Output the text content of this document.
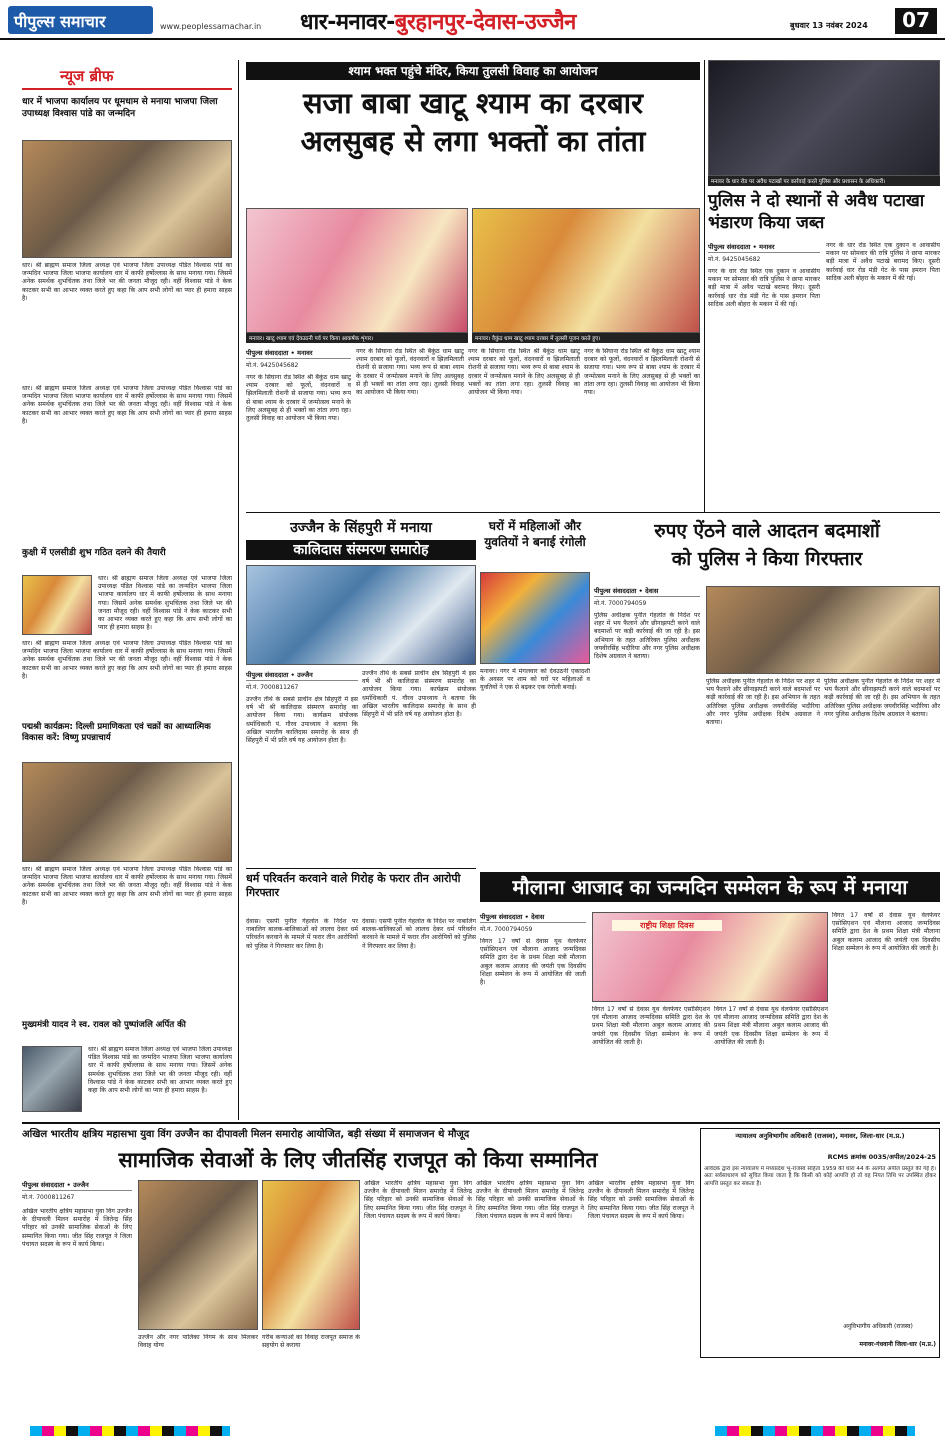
पीपुल्स समाचार	www.peoplessamachar.in धार-मनावर-बुरहानपुर-देवास-उज्जैन	बुधवार 13 नवंबर 2024	07
न्यूज ब्रीफ
धार में भाजपा कार्यालय पर धूमधाम से मनाया भाजपा जिला उपाध्यक्ष विश्वास पांडे का जन्मदिन
धार। श्री ब्राह्मण समाज जिला अध्यक्ष एवं भाजपा जिला उपाध्यक्ष पंडित विश्वास पांडे का जन्मदिन भाजपा जिला भाजपा कार्यालय धार में काफी हर्षोल्लास के साथ मनाया गया। जिसमें अनेक समर्थक शुभचिंतक तथा जिले भर की जनता मौजूद रही। वहीं विश्वास पांडे ने केक काटकर सभी का आभार व्यक्त करते हुए कहा कि आप सभी लोगों का प्यार ही हमारा साहस है।
धार। श्री ब्राह्मण समाज जिला अध्यक्ष एवं भाजपा जिला उपाध्यक्ष पंडित विश्वास पांडे का जन्मदिन भाजपा जिला भाजपा कार्यालय धार में काफी हर्षोल्लास के साथ मनाया गया। जिसमें अनेक समर्थक शुभचिंतक तथा जिले भर की जनता मौजूद रही। वहीं विश्वास पांडे ने केक काटकर सभी का आभार व्यक्त करते हुए कहा कि आप सभी लोगों का प्यार ही हमारा साहस है।
कुक्षी में एलसीडी शुभ गठित दलने की तैयारी
धार। श्री ब्राह्मण समाज जिला अध्यक्ष एवं भाजपा जिला उपाध्यक्ष पंडित विश्वास पांडे का जन्मदिन भाजपा जिला भाजपा कार्यालय धार में काफी हर्षोल्लास के साथ मनाया गया। जिसमें अनेक समर्थक शुभचिंतक तथा जिले भर की जनता मौजूद रही। वहीं विश्वास पांडे ने केक काटकर सभी का आभार व्यक्त करते हुए कहा कि आप सभी लोगों का प्यार ही हमारा साहस है।
धार। श्री ब्राह्मण समाज जिला अध्यक्ष एवं भाजपा जिला उपाध्यक्ष पंडित विश्वास पांडे का जन्मदिन भाजपा जिला भाजपा कार्यालय धार में काफी हर्षोल्लास के साथ मनाया गया। जिसमें अनेक समर्थक शुभचिंतक तथा जिले भर की जनता मौजूद रही। वहीं विश्वास पांडे ने केक काटकर सभी का आभार व्यक्त करते हुए कहा कि आप सभी लोगों का प्यार ही हमारा साहस है।
पद्मश्री कार्यक्रम: दिल्ली प्रमाणिकता एवं चक्रों का आध्यात्मिक विकास करें: विष्णु प्रपन्नाचार्य
धार। श्री ब्राह्मण समाज जिला अध्यक्ष एवं भाजपा जिला उपाध्यक्ष पंडित विश्वास पांडे का जन्मदिन भाजपा जिला भाजपा कार्यालय धार में काफी हर्षोल्लास के साथ मनाया गया। जिसमें अनेक समर्थक शुभचिंतक तथा जिले भर की जनता मौजूद रही। वहीं विश्वास पांडे ने केक काटकर सभी का आभार व्यक्त करते हुए कहा कि आप सभी लोगों का प्यार ही हमारा साहस है।
मुख्यमंत्री यादव ने स्व. रावल को पुष्पांजलि अर्पित की
धार। श्री ब्राह्मण समाज जिला अध्यक्ष एवं भाजपा जिला उपाध्यक्ष पंडित विश्वास पांडे का जन्मदिन भाजपा जिला भाजपा कार्यालय धार में काफी हर्षोल्लास के साथ मनाया गया। जिसमें अनेक समर्थक शुभचिंतक तथा जिले भर की जनता मौजूद रही। वहीं विश्वास पांडे ने केक काटकर सभी का आभार व्यक्त करते हुए कहा कि आप सभी लोगों का प्यार ही हमारा साहस है।
श्याम भक्त पहुंचे मंदिर, किया तुलसी विवाह का आयोजन
सजा बाबा खाटू श्याम का दरबार
अलसुबह से लगा भक्तों का तांता
मनावर। खाटू श्याम एवं देवउठनी पर्व पर किया आकर्षक शृंगार।	मनावर। वैकुंठ धाम खाटू श्याम दरबार में तुलसी पूजन करते हुए।
पीपुल्स संवाददाता • मनावर
मो.नं. 9425045682
नगर के सिंघाना रोड स्थित श्री बैकुंठ धाम खाटू श्याम दरबार को फूलों, वंदनवारों व झिलमिलाती रोशनी से सजाया गया। भव्य रूप से बाबा श्याम के दरबार में जन्मोत्सव मनाने के लिए अलसुबह से ही भक्तों का तांता लगा रहा। तुलसी विवाह का आयोजन भी किया गया।
नगर के सिंघाना रोड स्थित श्री बैकुंठ धाम खाटू श्याम दरबार को फूलों, वंदनवारों व झिलमिलाती रोशनी से सजाया गया। भव्य रूप से बाबा श्याम के दरबार में जन्मोत्सव मनाने के लिए अलसुबह से ही भक्तों का तांता लगा रहा। तुलसी विवाह का आयोजन भी किया गया।
नगर के सिंघाना रोड स्थित श्री बैकुंठ धाम खाटू श्याम दरबार को फूलों, वंदनवारों व झिलमिलाती रोशनी से सजाया गया। भव्य रूप से बाबा श्याम के दरबार में जन्मोत्सव मनाने के लिए अलसुबह से ही भक्तों का तांता लगा रहा। तुलसी विवाह का आयोजन भी किया गया।
नगर के सिंघाना रोड स्थित श्री बैकुंठ धाम खाटू श्याम दरबार को फूलों, वंदनवारों व झिलमिलाती रोशनी से सजाया गया। भव्य रूप से बाबा श्याम के दरबार में जन्मोत्सव मनाने के लिए अलसुबह से ही भक्तों का तांता लगा रहा। तुलसी विवाह का आयोजन भी किया गया।
मनावर के धार रोड पर अवैध पटाखों पर कार्रवाई करते पुलिस और प्रशासन के अधिकारी।
पुलिस ने दो स्थानों से अवैध पटाखा भंडारण किया जब्त
पीपुल्स संवाददाता • मनावर
मो.नं. 9425045682
नगर के धार रोड स्थित एक दुकान व आवासीय मकान पर सोमवार की रात्रि पुलिस ने छापा मारकर बड़ी मात्रा में अवैध पटाखे बरामद किए। दूसरी कार्रवाई धार रोड मंडी गेट के पास इमरान पिता सादिक अली बोहरा के मकान में की गई।
नगर के धार रोड स्थित एक दुकान व आवासीय मकान पर सोमवार की रात्रि पुलिस ने छापा मारकर बड़ी मात्रा में अवैध पटाखे बरामद किए। दूसरी कार्रवाई धार रोड मंडी गेट के पास इमरान पिता सादिक अली बोहरा के मकान में की गई।
उज्जैन के सिंहपुरी में मनाया
कालिदास संस्मरण समारोह
पीपुल्स संवाददाता • उज्जैन
मो.नं. 7000811267
उज्जैन तीर्थ के सबसे प्राचीन क्षेत्र सिंहपुरी में इस वर्ष भी श्री कालिदास संस्मरण समारोह का आयोजन किया गया। कार्यक्रम संयोजक धर्माधिकारी पं. गौरव उपाध्याय ने बताया कि अखिल भारतीय कालिदास समारोह के साथ ही सिंहपुरी में भी प्रति वर्ष यह आयोजन होता है।
उज्जैन तीर्थ के सबसे प्राचीन क्षेत्र सिंहपुरी में इस वर्ष भी श्री कालिदास संस्मरण समारोह का आयोजन किया गया। कार्यक्रम संयोजक धर्माधिकारी पं. गौरव उपाध्याय ने बताया कि अखिल भारतीय कालिदास समारोह के साथ ही सिंहपुरी में भी प्रति वर्ष यह आयोजन होता है।
घरों में महिलाओं और युवतियों ने बनाई रंगोली
मनावर। नगर में मंगलवार को देवउठनी एकादशी के अवसर पर शाम को घरों पर महिलाओं व युवतियों ने एक से बढ़कर एक रंगोली बनाई।
रुपए ऐंठने वाले आदतन बदमाशों
को पुलिस ने किया गिरफ्तार
पीपुल्स संवाददाता • देवास
मो.नं. 7000794059
पुलिस अधीक्षक पुनीत गेहलोत के निर्देश पर शहर में भय फैलाने और छीनाझपटी करने वाले बदमाशों पर कड़ी कार्रवाई की जा रही है। इस अभियान के तहत अतिरिक्त पुलिस अधीक्षक जयवीरसिंह भदौरिया और नगर पुलिस अधीक्षक दिशेष अग्रवाल ने बताया।
पुलिस अधीक्षक पुनीत गेहलोत के निर्देश पर शहर में भय फैलाने और छीनाझपटी करने वाले बदमाशों पर कड़ी कार्रवाई की जा रही है। इस अभियान के तहत अतिरिक्त पुलिस अधीक्षक जयवीरसिंह भदौरिया और नगर पुलिस अधीक्षक दिशेष अग्रवाल ने बताया।
पुलिस अधीक्षक पुनीत गेहलोत के निर्देश पर शहर में भय फैलाने और छीनाझपटी करने वाले बदमाशों पर कड़ी कार्रवाई की जा रही है। इस अभियान के तहत अतिरिक्त पुलिस अधीक्षक जयवीरसिंह भदौरिया और नगर पुलिस अधीक्षक दिशेष अग्रवाल ने बताया।
धर्म परिवर्तन करवाने वाले गिरोह के फरार तीन आरोपी गिरफ्तार
देवास। एसपी पुनीत गेहलोत के निर्देश पर नाबालिग बालक-बालिकाओं को लालच देकर धर्म परिवर्तन करवाने के मामले में फरार तीन आरोपियों को पुलिस ने गिरफ्तार कर लिया है।
देवास। एसपी पुनीत गेहलोत के निर्देश पर नाबालिग बालक-बालिकाओं को लालच देकर धर्म परिवर्तन करवाने के मामले में फरार तीन आरोपियों को पुलिस ने गिरफ्तार कर लिया है।
मौलाना आजाद का जन्मदिन सम्मेलन के रूप में मनाया
पीपुल्स संवाददाता • देवास
मो.नं. 7000794059	राष्ट्रीय शिक्षा दिवस
विगत 17 वर्षों से देवास यूथ वेलफेयर एसोसिएशन एवं मौलाना आजाद जन्मदिवस समिति द्वारा देश के प्रथम शिक्षा मंत्री मौलाना अबुल कलाम आजाद की जयंती एक दिवसीय शिक्षा सम्मेलन के रूप में आयोजित की जाती है।
विगत 17 वर्षों से देवास यूथ वेलफेयर एसोसिएशन एवं मौलाना आजाद जन्मदिवस समिति द्वारा देश के प्रथम शिक्षा मंत्री मौलाना अबुल कलाम आजाद की जयंती एक दिवसीय शिक्षा सम्मेलन के रूप में आयोजित की जाती है।
विगत 17 वर्षों से देवास यूथ वेलफेयर एसोसिएशन एवं मौलाना आजाद जन्मदिवस समिति द्वारा देश के प्रथम शिक्षा मंत्री मौलाना अबुल कलाम आजाद की जयंती एक दिवसीय शिक्षा सम्मेलन के रूप में आयोजित की जाती है।
विगत 17 वर्षों से देवास यूथ वेलफेयर एसोसिएशन एवं मौलाना आजाद जन्मदिवस समिति द्वारा देश के प्रथम शिक्षा मंत्री मौलाना अबुल कलाम आजाद की जयंती एक दिवसीय शिक्षा सम्मेलन के रूप में आयोजित की जाती है।
अखिल भारतीय क्षत्रिय महासभा युवा विंग उज्जैन का दीपावली मिलन समारोह आयोजित, बड़ी संख्या में समाजजन थे मौजूद
सामाजिक सेवाओं के लिए जीतसिंह राजपूत को किया सम्मानित
पीपुल्स संवाददाता • उज्जैन
मो.नं. 7000811267
अखिल भारतीय क्षत्रिय महासभा युवा विंग उज्जैन के दीपावली मिलन समारोह में जितेन्द्र सिंह परिहार को उनकी सामाजिक सेवाओं के लिए सम्मानित किया गया। जीत सिंह राजपूत ने जिला पंचायत सदस्य के रूप में कार्य किया।
उज्जैन और नगर पालिका निगम के साथ मिलकर विवाह योग्य
गरीब कन्याओं का विवाह राजपूत समाज के सहयोग से कराया
अखिल भारतीय क्षत्रिय महासभा युवा विंग उज्जैन के दीपावली मिलन समारोह में जितेन्द्र सिंह परिहार को उनकी सामाजिक सेवाओं के लिए सम्मानित किया गया। जीत सिंह राजपूत ने जिला पंचायत सदस्य के रूप में कार्य किया।
अखिल भारतीय क्षत्रिय महासभा युवा विंग उज्जैन के दीपावली मिलन समारोह में जितेन्द्र सिंह परिहार को उनकी सामाजिक सेवाओं के लिए सम्मानित किया गया। जीत सिंह राजपूत ने जिला पंचायत सदस्य के रूप में कार्य किया।
अखिल भारतीय क्षत्रिय महासभा युवा विंग उज्जैन के दीपावली मिलन समारोह में जितेन्द्र सिंह परिहार को उनकी सामाजिक सेवाओं के लिए सम्मानित किया गया। जीत सिंह राजपूत ने जिला पंचायत सदस्य के रूप में कार्य किया।
न्यायालय अनुविभागीय अधिकारी (राजस्व), मनावर, जिला-धार (म.प्र.)
RCMS क्रमांक 0035/अपील/2024-25
आवेदक द्वारा इस न्यायालय में मध्यप्रदेश भू-राजस्व संहिता 1959 की धारा 44 के अंतर्गत अपील प्रस्तुत की गई है। अतः सर्वसाधारण को सूचित किया जाता है कि किसी को कोई आपत्ति हो तो वह नियत तिथि पर उपस्थित होकर आपत्ति प्रस्तुत कर सकता है।
अनुविभागीय अधिकारी (राजस्व)
मनावर-गंधवानी जिला-धार (म.प्र.)
